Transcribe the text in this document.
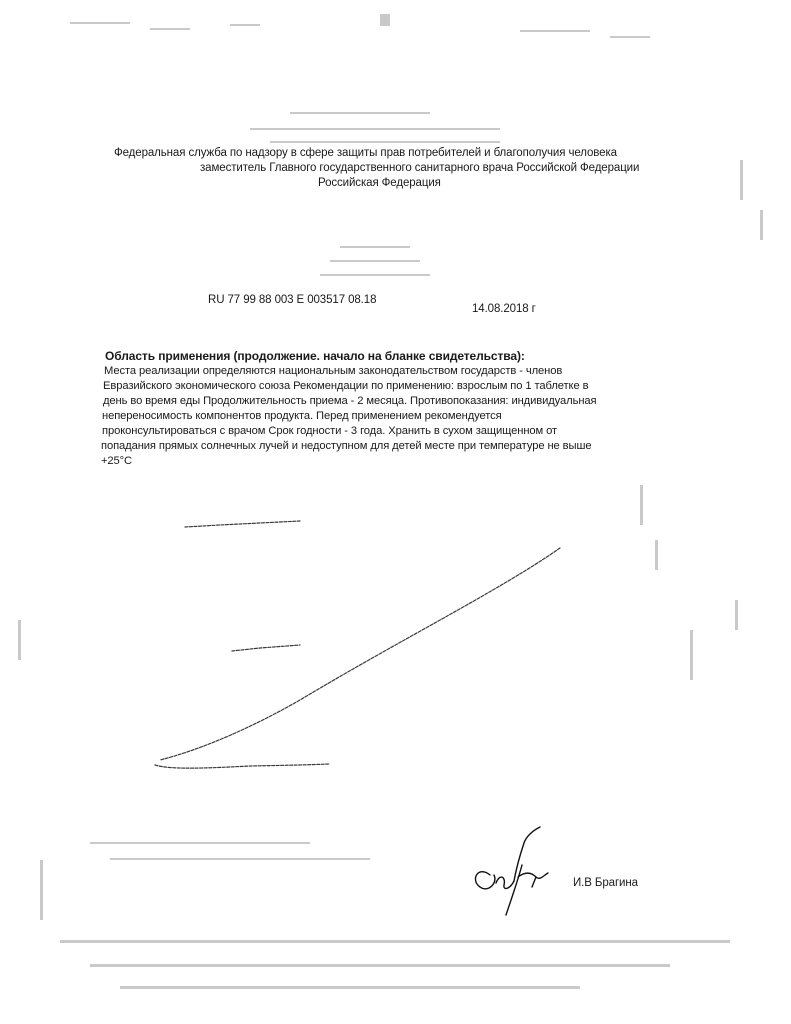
Федеральная служба по надзору в сфере защиты прав потребителей и благополучия человека
заместитель Главного государственного санитарного врача Российской Федерации
Российская Федерация
RU 77 99 88 003 E 003517 08.18
14.08.2018 г
Область применения (продолжение. начало на бланке свидетельства):
Места реализации определяются национальным законодательством государств - членов
Евразийского экономического союза Рекомендации по применению: взрослым по 1 таблетке в
день во время еды Продолжительность приема - 2 месяца. Противопоказания: индивидуальная
непереносимость компонентов продукта. Перед применением рекомендуется
проконсультироваться с врачом Срок годности - 3 года. Хранить в сухом защищенном от
попадания прямых солнечных лучей и недоступном для детей месте при температуре не выше
+25°С
И.В Брагина
